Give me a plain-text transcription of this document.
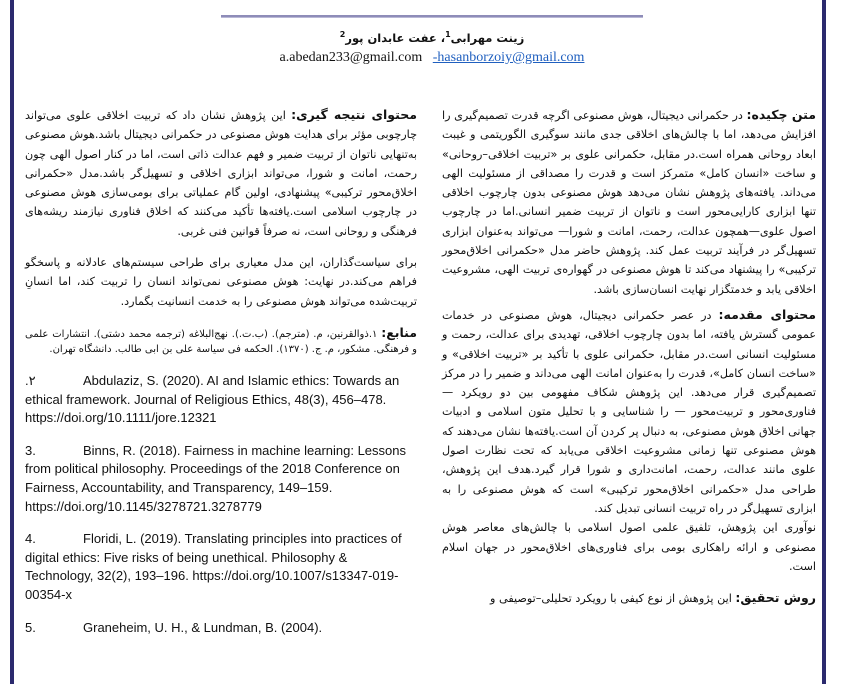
زینت مهرابی$^1$، عفت عابدان پور$^2$
a.abedan233@gmail.com -hasanborzoiy@gmail.com

متن چکیده: در حکمرانی دیجیتال، هوش مصنوعی اگرچه قدرت تصمیم‌گیری را افزایش می‌دهد، اما با چالش‌های اخلاقی جدی مانند سوگیری الگوریتمی و غیبت ابعاد روحانی همراه است.در مقابل، حکمرانی علوی بر «تربیت اخلاقی–روحانی» و ساخت «انسان کامل» متمرکز است و قدرت را مصداقی از مسئولیت الهی می‌داند. یافته‌های پژوهش نشان می‌دهد هوش مصنوعی بدون چارچوب اخلاقی تنها ابزاری کارایی‌محور است و ناتوان از تربیت ضمیر انسانی.اما در چارچوب اصول علوی—همچون عدالت، رحمت، امانت و شورا— می‌تواند به‌عنوان ابزاری تسهیل‌گر در فرآیند تربیت عمل کند. پژوهش حاضر مدل «حکمرانی اخلاق‌محور ترکیبی» را پیشنهاد می‌کند تا هوش مصنوعی در گهواره‌ی تربیت الهی، مشروعیت اخلاقی یابد و خدمتگزار نهایت انسان‌سازی باشد.

محتوای مقدمه: در عصر حکمرانی دیجیتال، هوش مصنوعی در خدمات عمومی گسترش یافته، اما بدون چارچوب اخلاقی، تهدیدی برای عدالت، رحمت و مسئولیت انسانی است.در مقابل، حکمرانی علوی با تأکید بر «تربیت اخلاقی» و «ساخت انسان کامل»، قدرت را به‌عنوان امانت الهی می‌داند و ضمیر را در مرکز تصمیم‌گیری قرار می‌دهد. این پژوهش شکاف مفهومی بین دو رویکرد — فناوری‌محور و تربیت‌محور — را شناسایی و با تحلیل متون اسلامی و ادبیات جهانی اخلاق هوش مصنوعی، به دنبال پر کردن آن است.یافته‌ها نشان می‌دهند که هوش مصنوعی تنها زمانی مشروعیت اخلاقی می‌یابد که تحت نظارت اصول علوی مانند عدالت، رحمت، امانت‌داری و شورا قرار گیرد.هدف این پژوهش، طراحی مدل «حکمرانی اخلاق‌محور ترکیبی» است که هوش مصنوعی را به ابزاری تسهیل‌گر در راه تربیت انسانی تبدیل کند.

نوآوری این پژوهش، تلفیق علمی اصول اسلامی با چالش‌های معاصر هوش مصنوعی و ارائه راهکاری بومی برای فناوری‌های اخلاق‌محور در جهان اسلام است.

روش تحقیق: این پژوهش از نوع کیفی با رویکرد تحلیلی–توصیفی و

محتوای نتیجه گیری: این پژوهش نشان داد که تربیت اخلاقی علوی می‌تواند چارچوبی مؤثر برای هدایت هوش مصنوعی در حکمرانی دیجیتال باشد.هوش مصنوعی به‌تنهایی ناتوان از تربیت ضمیر و فهم عدالت ذاتی است، اما در کنار اصول الهی چون رحمت، امانت و شورا، می‌تواند ابزاری اخلاقی و تسهیل‌گر باشد.مدل «حکمرانی اخلاق‌محور ترکیبی» پیشنهادی، اولین گام عملیاتی برای بومی‌سازی هوش مصنوعی در چارچوب اسلامی است.یافته‌ها تأکید می‌کنند که اخلاق فناوری نیازمند ریشه‌های فرهنگی و روحانی است، نه صرفاً قوانین فنی غربی.

برای سیاست‌گذاران، این مدل معیاری برای طراحی سیستم‌های عادلانه و پاسخگو فراهم می‌کند.در نهایت: هوش مصنوعی نمی‌تواند انسان را تربیت کند، اما انسانِ تربیت‌شده می‌تواند هوش مصنوعی را به خدمت انسانیت بگمارد.

منابع: ۱.ذوالقرنین، م. (مترجم). (ب.ت.). نهج‌البلاغه (ترجمه محمد دشتی). انتشارات علمی و فرهنگی. مشکور، م. ج. (۱۳۷۰). الحکمه فی سیاسة علی بن ابی طالب. دانشگاه تهران.

.۲	Abdulaziz, S. (2020). AI and Islamic ethics: Towards an ethical framework. Journal of Religious Ethics, 48(3), 456–478. https://doi.org/10.1111/jore.12321
3.	Binns, R. (2018). Fairness in machine learning: Lessons from political philosophy. Proceedings of the 2018 Conference on Fairness, Accountability, and Transparency, 149–159. https://doi.org/10.1145/3278721.3278779
4.	Floridi, L. (2019). Translating principles into practices of digital ethics: Five risks of being unethical. Philosophy & Technology, 32(2), 193–196. https://doi.org/10.1007/s13347-019-00354-x
5.	Graneheim, U. H., & Lundman, B. (2004).
